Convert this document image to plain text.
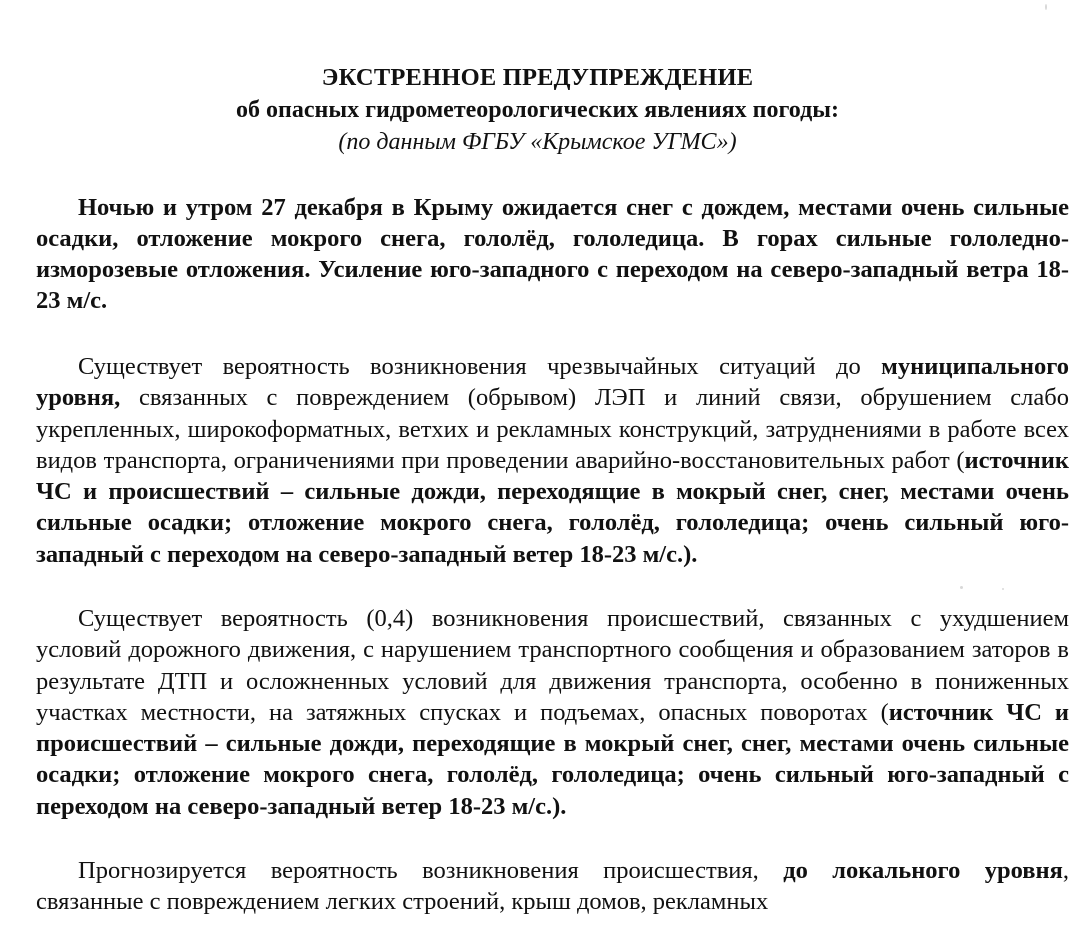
ЭКСТРЕННОЕ ПРЕДУПРЕЖДЕНИЕ
об опасных гидрометеорологических явлениях погоды:
(по данным ФГБУ «Крымское УГМС»)

Ночью и утром 27 декабря в Крыму ожидается снег с дождем, местами очень сильные осадки, отложение мокрого снега, гололёд, гололедица. В горах сильные гололедно-изморозевые отложения. Усиление юго-западного с переходом на северо-западный ветра 18-23 м/с.

Существует вероятность возникновения чрезвычайных ситуаций до муниципального уровня, связанных с повреждением (обрывом) ЛЭП и линий связи, обрушением слабо укрепленных, широкоформатных, ветхих и рекламных конструкций, затруднениями в работе всех видов транспорта, ограничениями при проведении аварийно-восстановительных работ (источник ЧС и происшествий – сильные дожди, переходящие в мокрый снег, снег, местами очень сильные осадки; отложение мокрого снега, гололёд, гололедица; очень сильный юго-западный с переходом на северо-западный ветер 18-23 м/с.).

Существует вероятность (0,4) возникновения происшествий, связанных с ухудшением условий дорожного движения, с нарушением транспортного сообщения и образованием заторов в результате ДТП и осложненных условий для движения транспорта, особенно в пониженных участках местности, на затяжных спусках и подъемах, опасных поворотах (источник ЧС и происшествий – сильные дожди, переходящие в мокрый снег, снег, местами очень сильные осадки; отложение мокрого снега, гололёд, гололедица; очень сильный юго-западный с переходом на северо-западный ветер 18-23 м/с.).

Прогнозируется вероятность возникновения происшествия, до локального уровня, связанные с повреждением легких строений, крыш домов, рекламных
